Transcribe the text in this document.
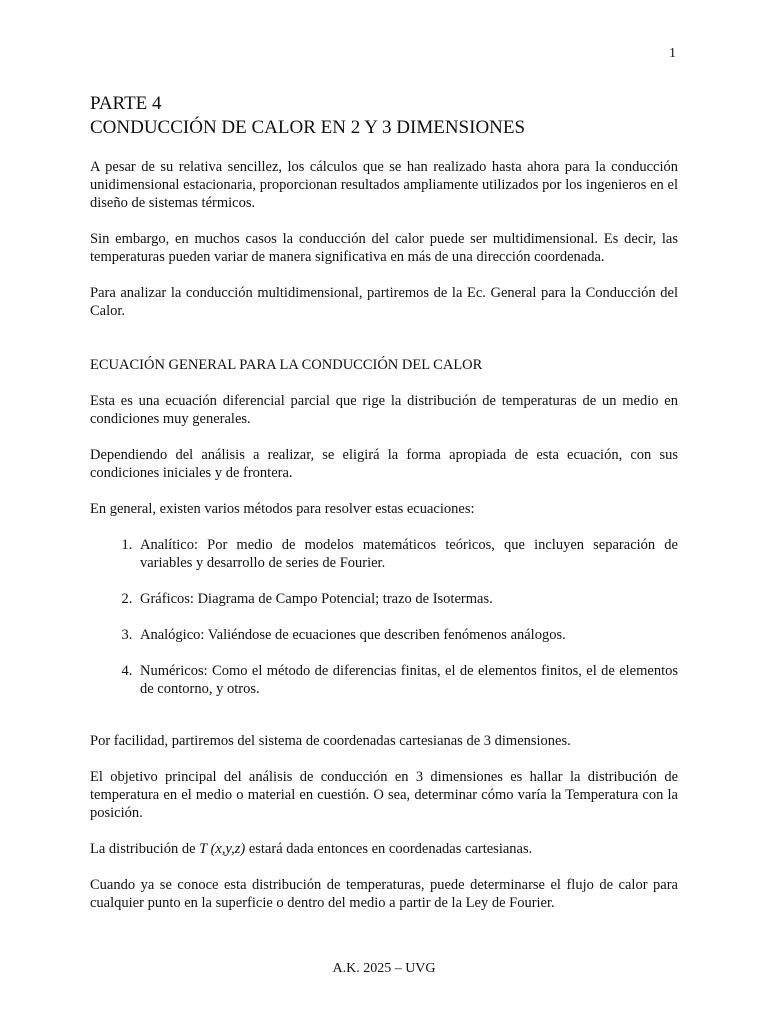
1
PARTE 4
CONDUCCIÓN DE CALOR EN 2 Y 3 DIMENSIONES

A pesar de su relativa sencillez, los cálculos que se han realizado hasta ahora para la conducción unidimensional estacionaria, proporcionan resultados ampliamente utilizados por los ingenieros en el diseño de sistemas térmicos.

Sin embargo, en muchos casos la conducción del calor puede ser multidimensional. Es decir, las temperaturas pueden variar de manera significativa en más de una dirección coordenada.

Para analizar la conducción multidimensional, partiremos de la Ec. General para la Conducción del Calor.

ECUACIÓN GENERAL PARA LA CONDUCCIÓN DEL CALOR

Esta es una ecuación diferencial parcial que rige la distribución de temperaturas de un medio en condiciones muy generales.

Dependiendo del análisis a realizar, se eligirá la forma apropiada de esta ecuación, con sus condiciones iniciales y de frontera.

En general, existen varios métodos para resolver estas ecuaciones:

1. Analítico: Por medio de modelos matemáticos teóricos, que incluyen separación de variables y desarrollo de series de Fourier.
2. Gráficos: Diagrama de Campo Potencial; trazo de Isotermas.
3. Analógico: Valiéndose de ecuaciones que describen fenómenos análogos.
4. Numéricos: Como el método de diferencias finitas, el de elementos finitos, el de elementos de contorno, y otros.

Por facilidad, partiremos del sistema de coordenadas cartesianas de 3 dimensiones.

El objetivo principal del análisis de conducción en 3 dimensiones es hallar la distribución de temperatura en el medio o material en cuestión. O sea, determinar cómo varía la Temperatura con la posición.

La distribución de T (x,y,z) estará dada entonces en coordenadas cartesianas.

Cuando ya se conoce esta distribución de temperaturas, puede determinarse el flujo de calor para cualquier punto en la superficie o dentro del medio a partir de la Ley de Fourier.

A.K. 2025 – UVG
